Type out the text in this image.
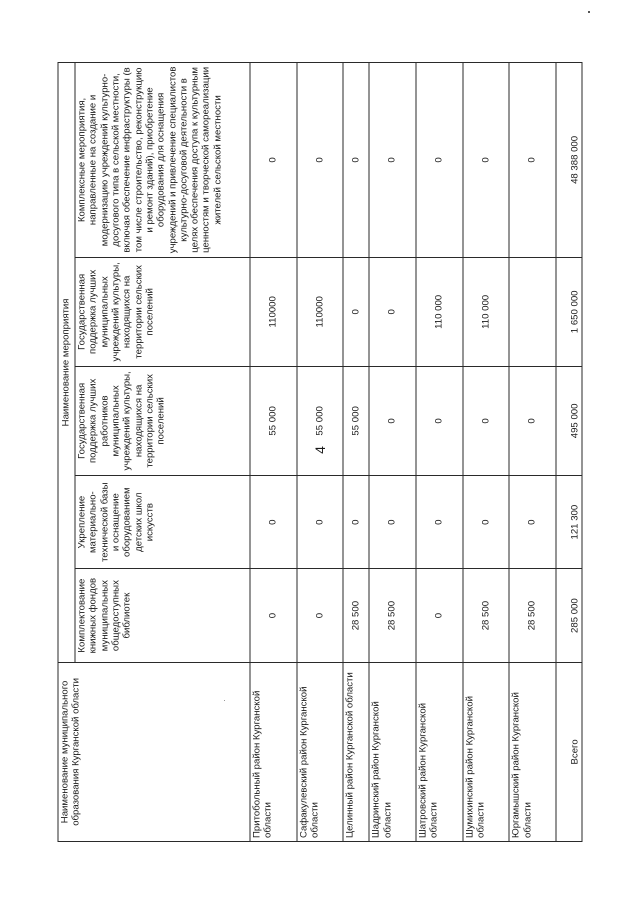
4
Наименование муниципального образования Курганской области	Наименование мероприятия				
	Комплектование книжных фондов муниципальных общедоступных библиотек	Укрепление материально-технической базы и оснащение оборудованием детских школ искусств	Государственная поддержка лучших работников муниципальных учреждений культуры, находящихся на территории сельских поселений	Государственная поддержка лучших муниципальных учреждений культуры, находящихся на территории сельских поселений	Комплексные мероприятия, направленные на создание и модернизацию учреждений культурно-досугового типа в сельской местности, включая обеспечение инфраструктуры (в том числе строительство, реконструкцию и ремонт зданий), приобретение оборудования для оснащения учреждений и привлечение специалистов культурно-досуговой деятельности в целях обеспечения доступа к культурным ценностям и творческой самореализации жителей сельской местности
Притобольный район Курганской области	0	0	55 000	110000	0
Сафакулевский район Курганской области	0	0	55 000	110000	0
Целинный район Курганской области	28 500	0	55 000	0	0
Шадринский район Курганской области	28 500	0	0	0	0
Шатровский район Курганской области	0	0	0	110 000	0
Шумихинский район Курганской области	28 500	0	0	110 000	0
Юргамышский район Курганской области	28 500	0	0		0
Всего	285 000	121 300	495 000	1 650 000	48 388 000
